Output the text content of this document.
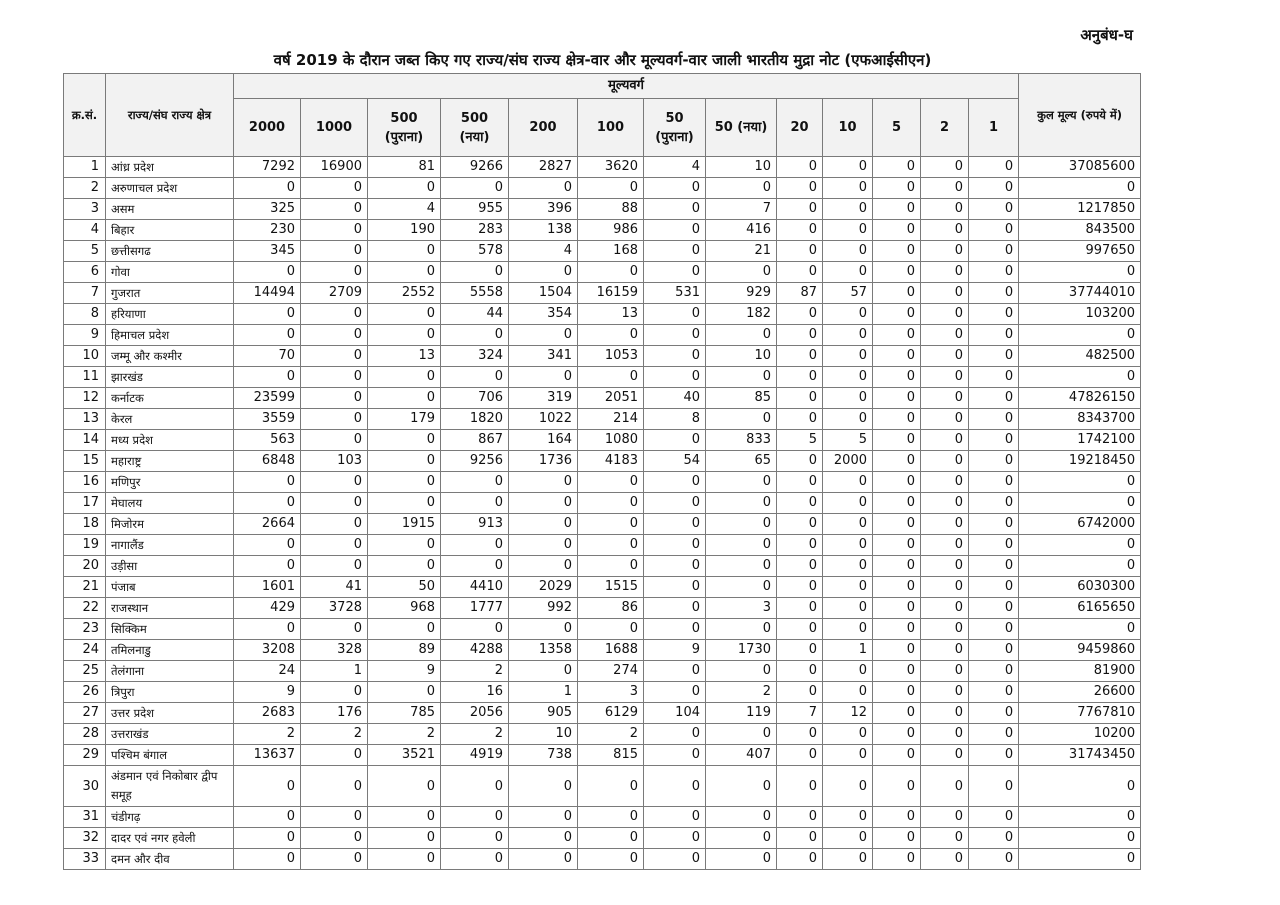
अनुबंध-घ
वर्ष 2019 के दौरान जब्त किए गए राज्य/संघ राज्य क्षेत्र-वार और मूल्यवर्ग-वार जाली भारतीय मुद्रा नोट (एफआईसीएन)
क्र.सं.	राज्य/संघ राज्य क्षेत्र	मूल्यवर्ग													कुल मूल्य (रुपये में)
		2000	1000	500 (पुराना)	500 (नया)	200	100	50 (पुराना)	50 (नया)	20	10	5	2	1	
1	आंध्र प्रदेश	7292	16900	81	9266	2827	3620	4	10	0	0	0	0	0	37085600
2	अरुणाचल प्रदेश	0	0	0	0	0	0	0	0	0	0	0	0	0	0
3	असम	325	0	4	955	396	88	0	7	0	0	0	0	0	1217850
4	बिहार	230	0	190	283	138	986	0	416	0	0	0	0	0	843500
5	छत्तीसगढ	345	0	0	578	4	168	0	21	0	0	0	0	0	997650
6	गोवा	0	0	0	0	0	0	0	0	0	0	0	0	0	0
7	गुजरात	14494	2709	2552	5558	1504	16159	531	929	87	57	0	0	0	37744010
8	हरियाणा	0	0	0	44	354	13	0	182	0	0	0	0	0	103200
9	हिमाचल प्रदेश	0	0	0	0	0	0	0	0	0	0	0	0	0	0
10	जम्मू और कश्मीर	70	0	13	324	341	1053	0	10	0	0	0	0	0	482500
11	झारखंड	0	0	0	0	0	0	0	0	0	0	0	0	0	0
12	कर्नाटक	23599	0	0	706	319	2051	40	85	0	0	0	0	0	47826150
13	केरल	3559	0	179	1820	1022	214	8	0	0	0	0	0	0	8343700
14	मध्य प्रदेश	563	0	0	867	164	1080	0	833	5	5	0	0	0	1742100
15	महाराष्ट्र	6848	103	0	9256	1736	4183	54	65	0	2000	0	0	0	19218450
16	मणिपुर	0	0	0	0	0	0	0	0	0	0	0	0	0	0
17	मेघालय	0	0	0	0	0	0	0	0	0	0	0	0	0	0
18	मिजोरम	2664	0	1915	913	0	0	0	0	0	0	0	0	0	6742000
19	नागालैंड	0	0	0	0	0	0	0	0	0	0	0	0	0	0
20	उड़ीसा	0	0	0	0	0	0	0	0	0	0	0	0	0	0
21	पंजाब	1601	41	50	4410	2029	1515	0	0	0	0	0	0	0	6030300
22	राजस्थान	429	3728	968	1777	992	86	0	3	0	0	0	0	0	6165650
23	सिक्किम	0	0	0	0	0	0	0	0	0	0	0	0	0	0
24	तमिलनाडु	3208	328	89	4288	1358	1688	9	1730	0	1	0	0	0	9459860
25	तेलंगाना	24	1	9	2	0	274	0	0	0	0	0	0	0	81900
26	त्रिपुरा	9	0	0	16	1	3	0	2	0	0	0	0	0	26600
27	उत्तर प्रदेश	2683	176	785	2056	905	6129	104	119	7	12	0	0	0	7767810
28	उत्तराखंड	2	2	2	2	10	2	0	0	0	0	0	0	0	10200
29	पश्चिम बंगाल	13637	0	3521	4919	738	815	0	407	0	0	0	0	0	31743450
30	अंडमान एवं निकोबार द्वीप समूह	0	0	0	0	0	0	0	0	0	0	0	0	0	0
31	चंडीगढ़	0	0	0	0	0	0	0	0	0	0	0	0	0	0
32	दादर एवं नगर हवेली	0	0	0	0	0	0	0	0	0	0	0	0	0	0
33	दमन और दीव	0	0	0	0	0	0	0	0	0	0	0	0	0	0
